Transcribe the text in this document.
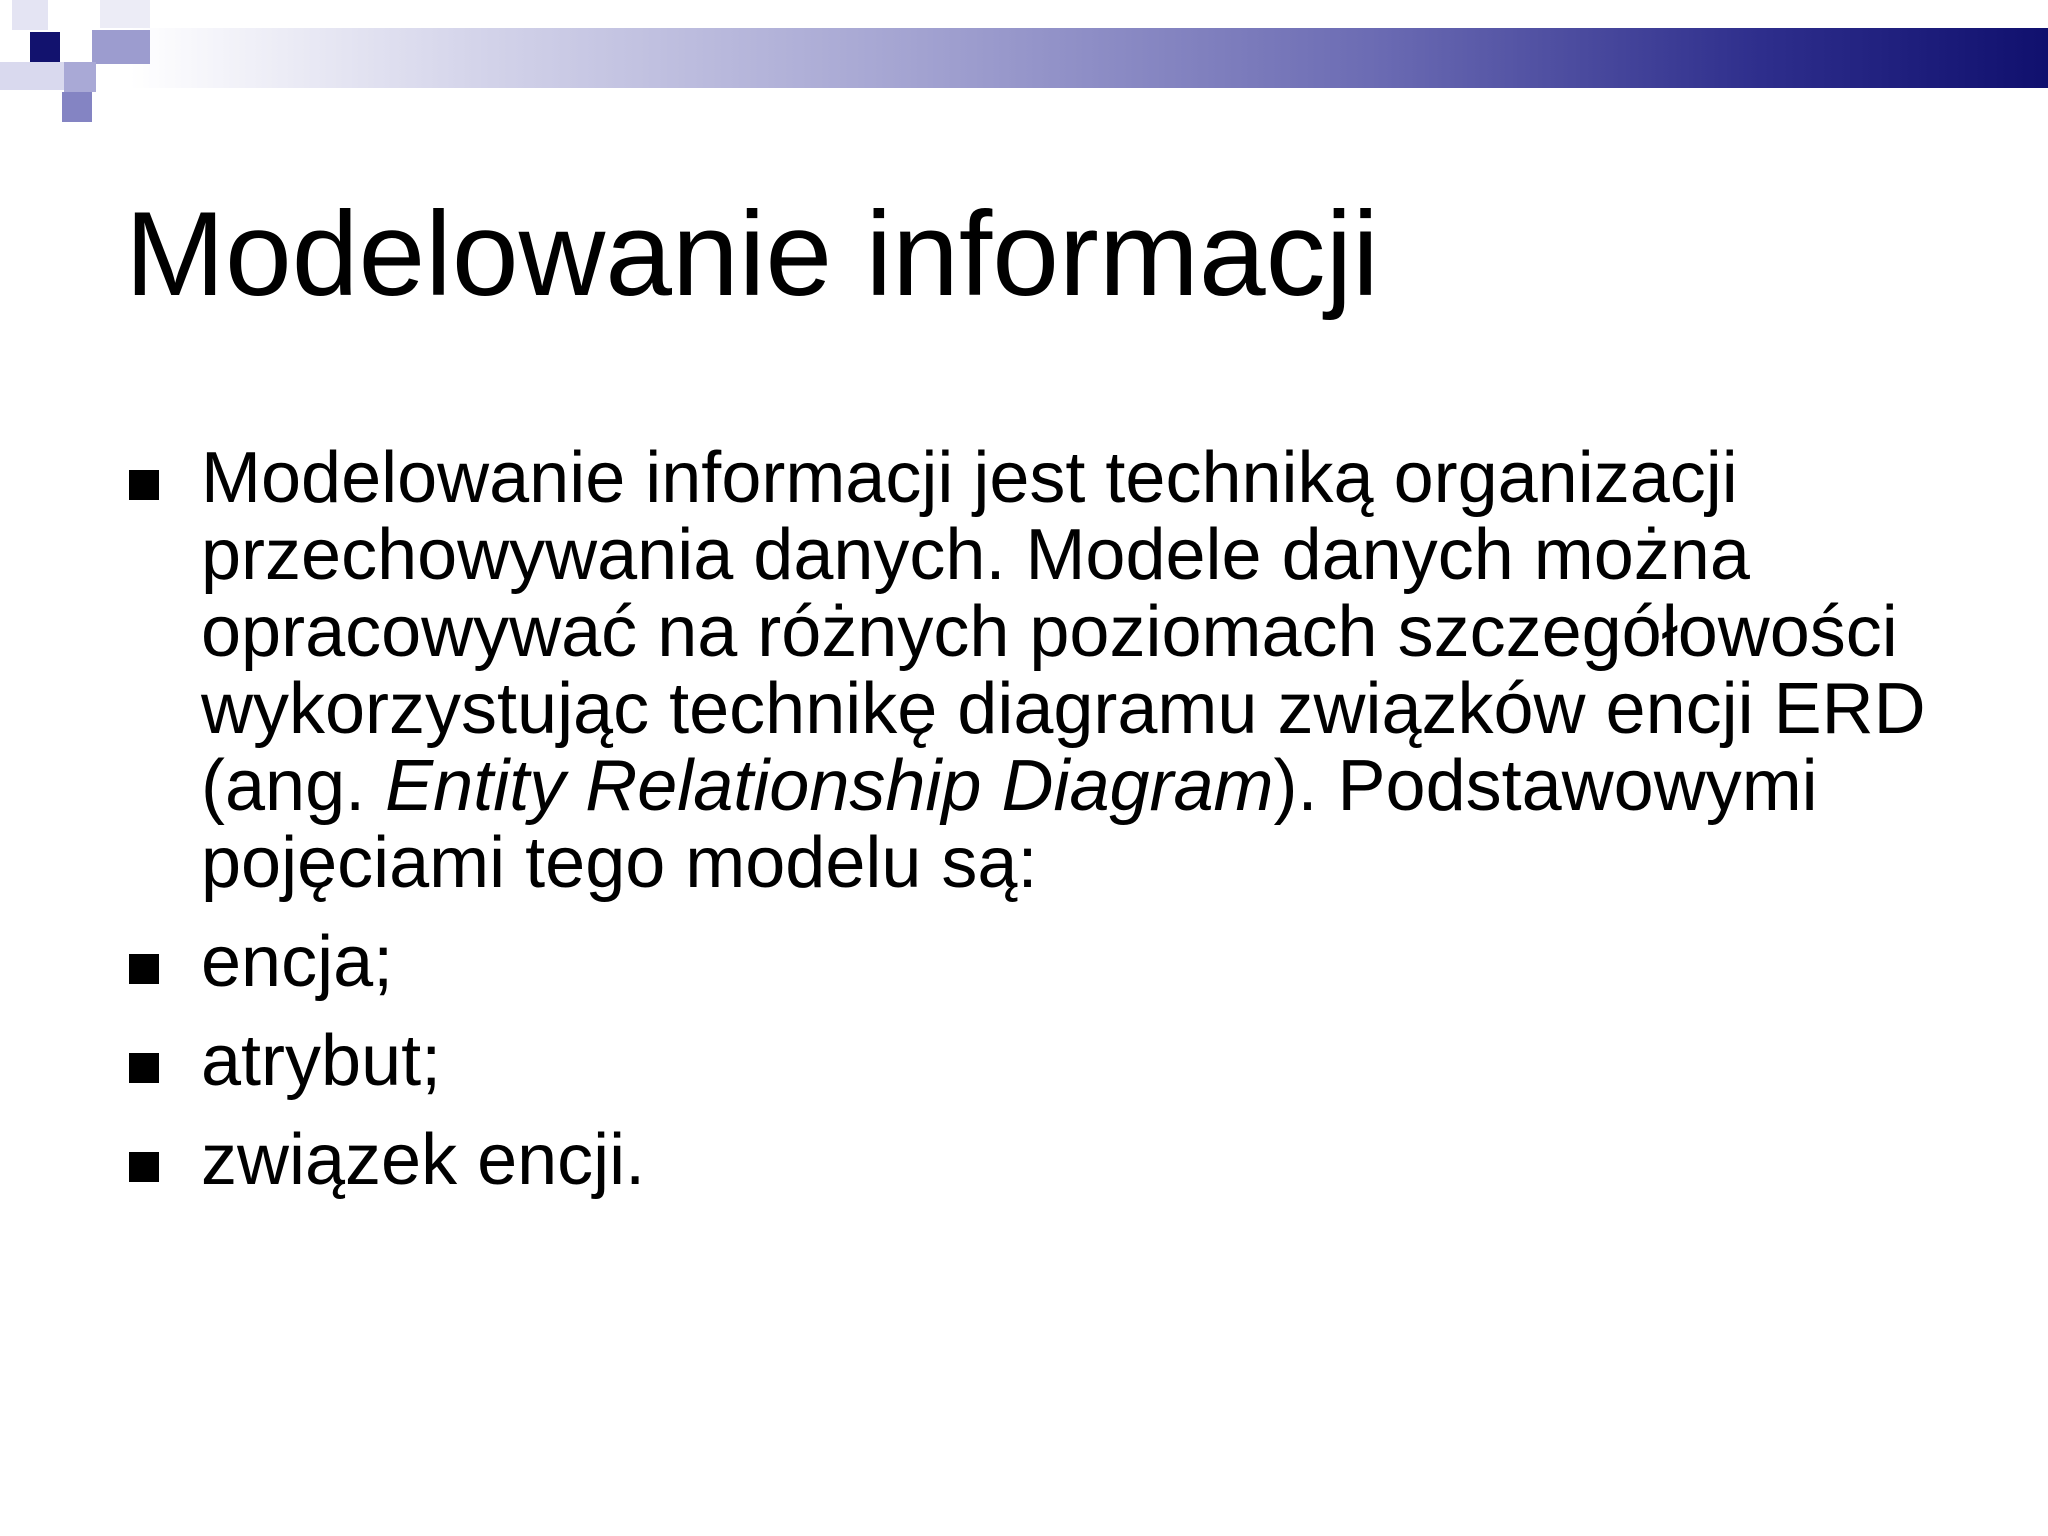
Modelowanie informacji
Modelowanie informacji jest techniką organizacji przechowywania danych. Modele danych można opracowywać na różnych poziomach szczegółowości wykorzystując technikę diagramu związków encji ERD (ang. Entity Relationship Diagram). Podstawowymi pojęciami tego modelu są:
encja;
atrybut;
związek encji.
